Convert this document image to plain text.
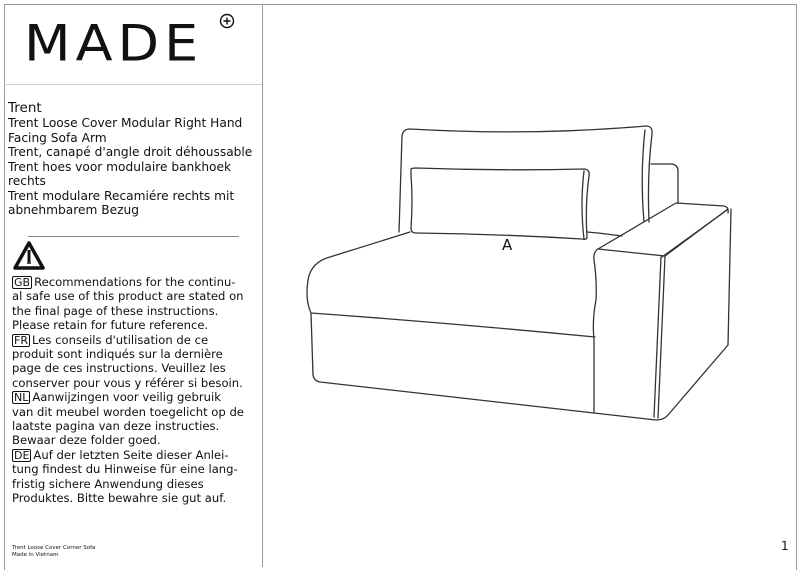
MADE
Trent
Trent Loose Cover Modular Right Hand
Facing Sofa Arm
Trent, canapé d'angle droit déhoussable
Trent hoes voor modulaire bankhoek
rechts
Trent modulare Recamiére rechts mit
abnehmbarem Bezug
GB Recommendations for the continu-
al safe use of this product are stated on
the final page of these instructions.
Please retain for future reference.
FR Les conseils d'utilisation de ce
produit sont indiqués sur la dernière
page de ces instructions. Veuillez les
conserver pour vous y référer si besoin.
NL Aanwijzingen voor veilig gebruik
van dit meubel worden toegelicht op de
laatste pagina van deze instructies.
Bewaar deze folder goed.
DE Auf der letzten Seite dieser Anlei-
tung findest du Hinweise für eine lang-
fristig sichere Anwendung dieses
Produktes. Bitte bewahre sie gut auf.
Trent Loose Cover Corner Sofa
Made in Vietnam
A
1
